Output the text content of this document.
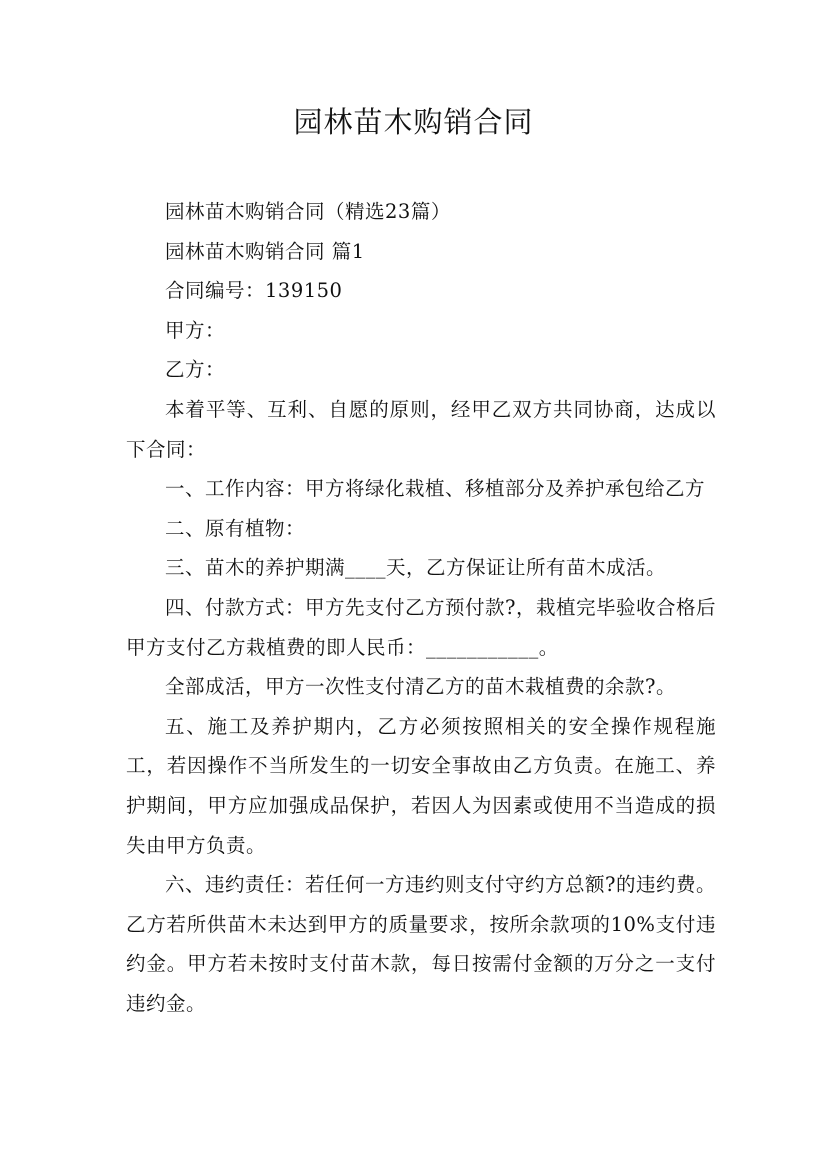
园林苗木购销合同

园林苗木购销合同（精选23篇）

园林苗木购销合同 篇1

合同编号：139150

甲方：

乙方：

本着平等、互利、自愿的原则，经甲乙双方共同协商，达成以下合同：

一、工作内容：甲方将绿化栽植、移植部分及养护承包给乙方

二、原有植物：

三、苗木的养护期满____天，乙方保证让所有苗木成活。

四、付款方式：甲方先支付乙方预付款?，栽植完毕验收合格后甲方支付乙方栽植费的即人民币：___________。

全部成活，甲方一次性支付清乙方的苗木栽植费的余款?。

五、施工及养护期内，乙方必须按照相关的安全操作规程施工，若因操作不当所发生的一切安全事故由乙方负责。在施工、养护期间，甲方应加强成品保护，若因人为因素或使用不当造成的损失由甲方负责。

六、违约责任：若任何一方违约则支付守约方总额?的违约费。乙方若所供苗木未达到甲方的质量要求，按所余款项的10%支付违约金。甲方若未按时支付苗木款，每日按需付金额的万分之一支付违约金。
